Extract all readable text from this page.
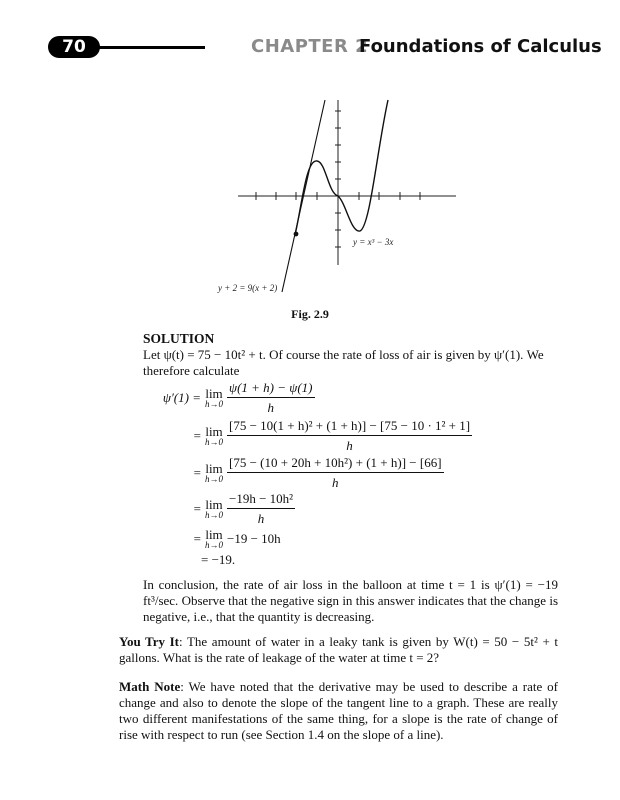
70	CHAPTER 2
Foundations of Calculus
y = x³ − 3x
y + 2 = 9(x + 2)
Fig. 2.9
SOLUTION
Let ψ(t) = 75 − 10t² + t. Of course the rate of loss of air is given by ψ′(1). We therefore calculate
ψ′(1) = lim
$h\to 0 \frac{\psi(1 + h) - \psi(1)}{h}$
= lim
$h\to 0 \frac{\text{[75 − 10(1 + h)² + (1 + h)] − [75 − 10 · 1² + 1]}}{h}$
= lim
$h\to 0 \frac{\text{[75 − (10 + 20h + 10h²) + (1 + h)] − [66]}}{h}$
= lim
$h\to 0 \frac{\text{−19h − 10h²}}{h}$
= lim
h→0 −19 − 10h
= −19.
In conclusion, the rate of air loss in the balloon at time t = 1 is ψ′(1) = −19 ft³/sec. Observe that the negative sign in this answer indicates that the change is negative, i.e., that the quantity is decreasing.
You Try It: The amount of water in a leaky tank is given by W(t) = 50 − 5t² + t gallons. What is the rate of leakage of the water at time t = 2?
Math Note: We have noted that the derivative may be used to describe a rate of change and also to denote the slope of the tangent line to a graph. These are really two different manifestations of the same thing, for a slope is the rate of change of rise with respect to run (see Section 1.4 on the slope of a line).
